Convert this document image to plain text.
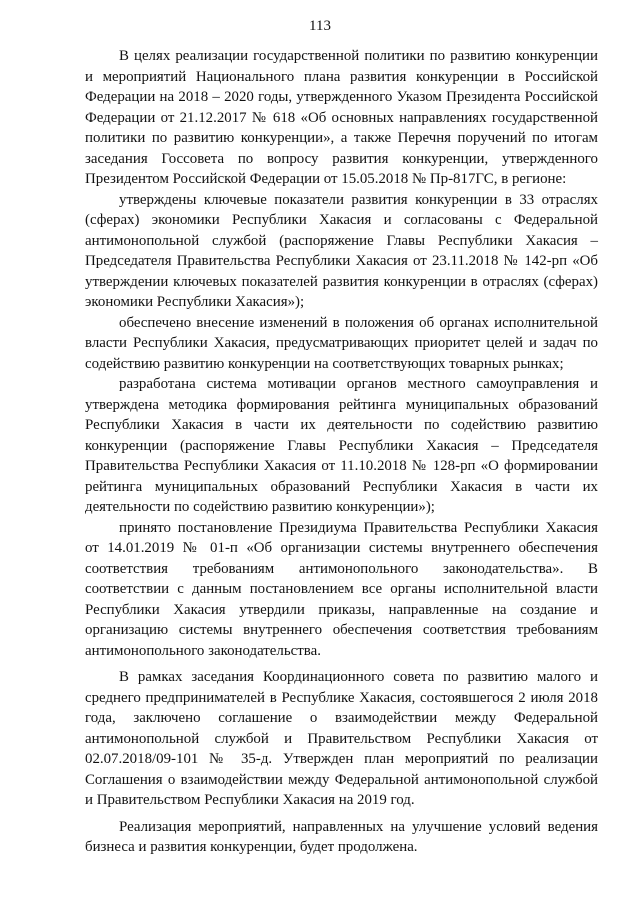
113

В целях реализации государственной политики по развитию конкуренции и мероприятий Национального плана развития конкуренции в Российской Федерации на 2018 – 2020 годы, утвержденного Указом Президента Российской Федерации от 21.12.2017 № 618 «Об основных направлениях государственной политики по развитию конкуренции», а также Перечня поручений по итогам заседания Госсовета по вопросу развития конкуренции, утвержденного Президентом Российской Федерации от 15.05.2018 № Пр-817ГС, в регионе:

утверждены ключевые показатели развития конкуренции в 33 отраслях (сферах) экономики Республики Хакасия и согласованы с Федеральной антимонопольной службой (распоряжение Главы Республики Хакасия – Председателя Правительства Республики Хакасия от 23.11.2018 № 142-рп «Об утверждении ключевых показателей развития конкуренции в отраслях (сферах) экономики Республики Хакасия»);

обеспечено внесение изменений в положения об органах исполнительной власти Республики Хакасия, предусматривающих приоритет целей и задач по содействию развитию конкуренции на соответствующих товарных рынках;

разработана система мотивации органов местного самоуправления и утверждена методика формирования рейтинга муниципальных образований Республики Хакасия в части их деятельности по содействию развитию конкуренции (распоряжение Главы Республики Хакасия – Председателя Правительства Республики Хакасия от 11.10.2018 № 128-рп «О формировании рейтинга муниципальных образований Республики Хакасия в части их деятельности по содействию развитию конкуренции»);

принято постановление Президиума Правительства Республики Хакасия от 14.01.2019 № 01-п «Об организации системы внутреннего обеспечения соответствия требованиям антимонопольного законодательства». В соответствии с данным постановлением все органы исполнительной власти Республики Хакасия утвердили приказы, направленные на создание и организацию системы внутреннего обеспечения соответствия требованиям антимонопольного законодательства.

В рамках заседания Координационного совета по развитию малого и среднего предпринимателей в Республике Хакасия, состоявшегося 2 июля 2018 года, заключено соглашение о взаимодействии между Федеральной антимонопольной службой и Правительством Республики Хакасия от 02.07.2018/09-101 № 35-д. Утвержден план мероприятий по реализации Соглашения о взаимодействии между Федеральной антимонопольной службой и Правительством Республики Хакасия на 2019 год.

Реализация мероприятий, направленных на улучшение условий ведения бизнеса и развития конкуренции, будет продолжена.
